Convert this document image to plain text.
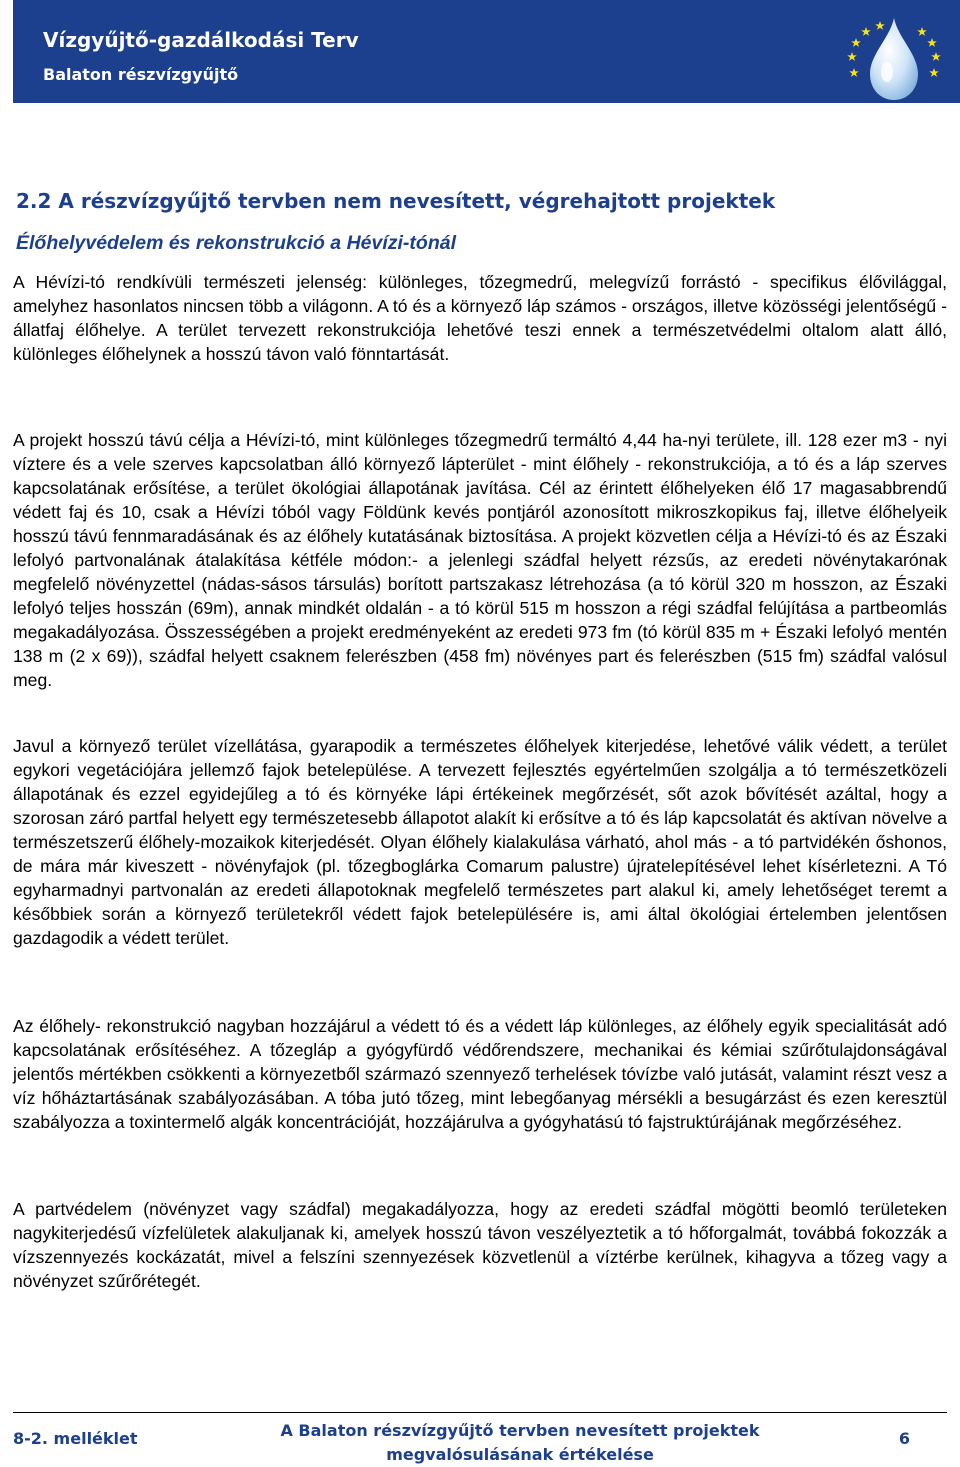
Vízgyűjtő-gazdálkodási Terv
Balaton részvízgyűjtő
2.2 A részvízgyűjtő tervben nem nevesített, végrehajtott projektek
Élőhelyvédelem és rekonstrukció a Hévízi-tónál

A Hévízi-tó rendkívüli természeti jelenség: különleges, tőzegmedrű, melegvízű forrástó - specifikus élővilággal, amelyhez hasonlatos nincsen több a világonn. A tó és a környező láp számos - országos, illetve közösségi jelentőségű - állatfaj élőhelye. A terület tervezett rekonstrukciója lehetővé teszi ennek a természetvédelmi oltalom alatt álló, különleges élőhelynek a hosszú távon való fönntartását.

A projekt hosszú távú célja a Hévízi-tó, mint különleges tőzegmedrű termáltó 4,44 ha-nyi területe, ill. 128 ezer m3 - nyi víztere és a vele szerves kapcsolatban álló környező lápterület - mint élőhely - rekonstrukciója, a tó és a láp szerves kapcsolatának erősítése, a terület ökológiai állapotának javítása. Cél az érintett élőhelyeken élő 17 magasabbrendű védett faj és 10, csak a Hévízi tóból vagy Földünk kevés pontjáról azonosított mikroszkopikus faj, illetve élőhelyeik hosszú távú fennmaradásának és az élőhely kutatásának biztosítása. A projekt közvetlen célja a Hévízi-tó és az Északi lefolyó partvonalának átalakítása kétféle módon:- a jelenlegi szádfal helyett rézsűs, az eredeti növénytakarónak megfelelő növényzettel (nádas-sásos társulás) borított partszakasz létrehozása (a tó körül 320 m hosszon, az Északi lefolyó teljes hosszán (69m), annak mindkét oldalán - a tó körül 515 m hosszon a régi szádfal felújítása a partbeomlás megakadályozása. Összességében a projekt eredményeként az eredeti 973 fm (tó körül 835 m + Északi lefolyó mentén 138 m (2 x 69)), szádfal helyett csaknem felerészben (458 fm) növényes part és felerészben (515 fm) szádfal valósul meg.

Javul a környező terület vízellátása, gyarapodik a természetes élőhelyek kiterjedése, lehetővé válik védett, a terület egykori vegetációjára jellemző fajok betelepülése. A tervezett fejlesztés egyértelműen szolgálja a tó természetközeli állapotának és ezzel egyidejűleg a tó és környéke lápi értékeinek megőrzését, sőt azok bővítését azáltal, hogy a szorosan záró partfal helyett egy természetesebb állapotot alakít ki erősítve a tó és láp kapcsolatát és aktívan növelve a természetszerű élőhely-mozaikok kiterjedését. Olyan élőhely kialakulása várható, ahol más - a tó partvidékén őshonos, de mára már kiveszett - növényfajok (pl. tőzegboglárka Comarum palustre) újratelepítésével lehet kísérletezni. A Tó egyharmadnyi partvonalán az eredeti állapotoknak megfelelő természetes part alakul ki, amely lehetőséget teremt a későbbiek során a környező területekről védett fajok betelepülésére is, ami által ökológiai értelemben jelentősen gazdagodik a védett terület.

Az élőhely- rekonstrukció nagyban hozzájárul a védett tó és a védett láp különleges, az élőhely egyik specialitását adó kapcsolatának erősítéséhez. A tőzegláp a gyógyfürdő védőrendszere, mechanikai és kémiai szűrőtulajdonságával jelentős mértékben csökkenti a környezetből származó szennyező terhelések tóvízbe való jutását, valamint részt vesz a víz hőháztartásának szabályozásában. A tóba jutó tőzeg, mint lebegőanyag mérsékli a besugárzást és ezen keresztül szabályozza a toxintermelő algák koncentrációját, hozzájárulva a gyógyhatású tó fajstruktúrájának megőrzéséhez.

A partvédelem (növényzet vagy szádfal) megakadályozza, hogy az eredeti szádfal mögötti beomló területeken nagykiterjedésű vízfelületek alakuljanak ki, amelyek hosszú távon veszélyeztetik a tó hőforgalmát, továbbá fokozzák a vízszennyezés kockázatát, mivel a felszíni szennyezések közvetlenül a víztérbe kerülnek, kihagyva a tőzeg vagy a növényzet szűrőrétegét.

8-2. melléklet	A Balaton részvízgyűjtő tervben nevesített projektek
megvalósulásának értékelése
6
